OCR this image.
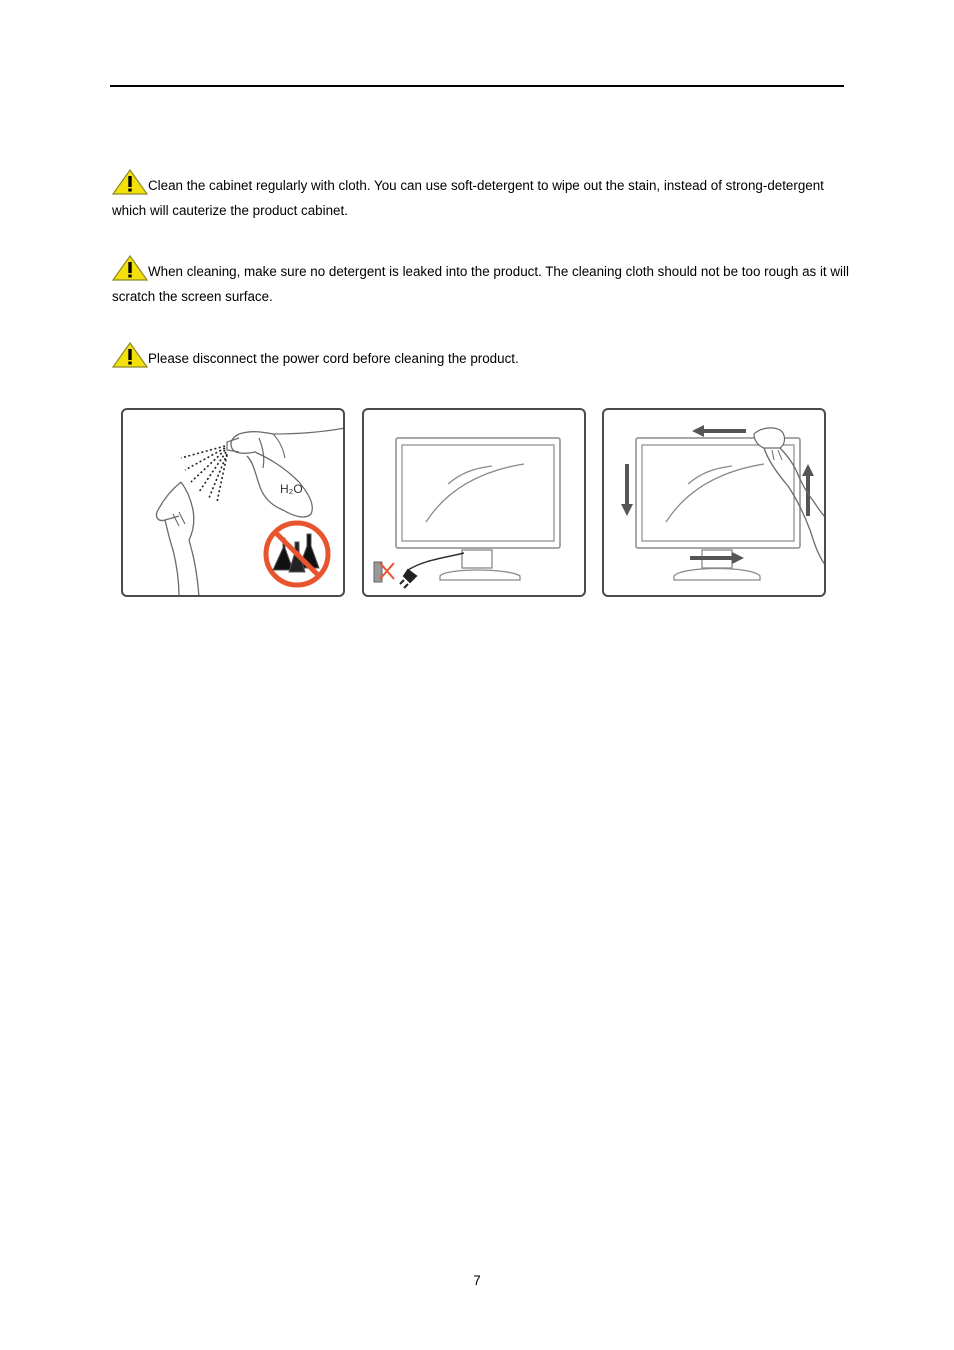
Clean the cabinet regularly with cloth. You can use soft-detergent to wipe out the stain, instead of strong-detergent which will cauterize the product cabinet.
When cleaning, make sure no detergent is leaked into the product. The cleaning cloth should not be too rough as it will scratch the screen surface.
Please disconnect the power cord before cleaning the product.
H₂O
7
